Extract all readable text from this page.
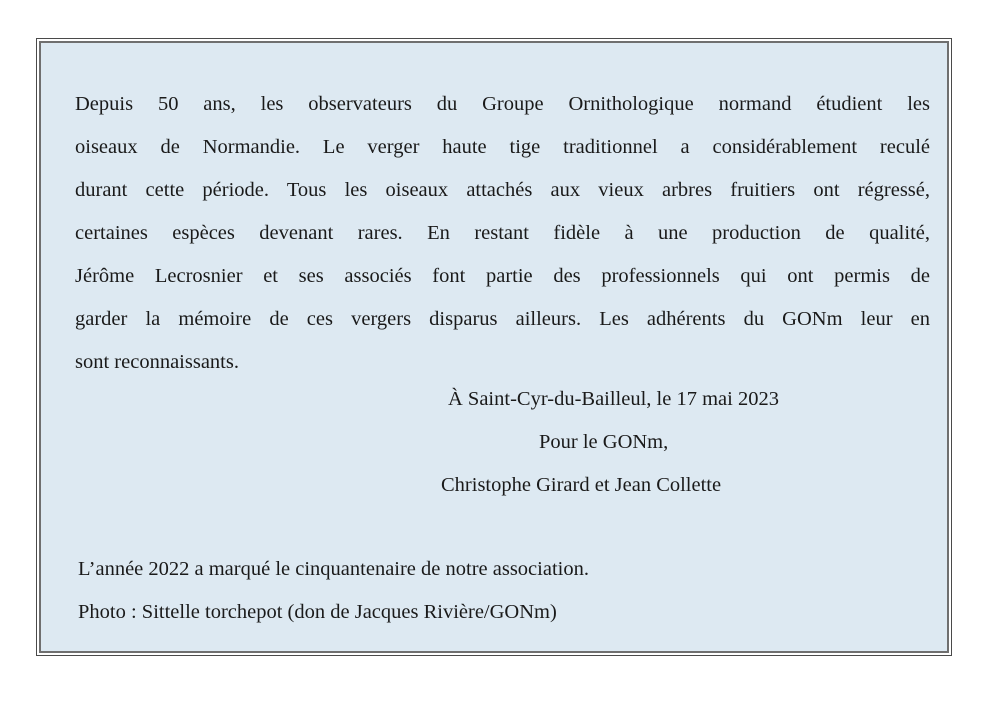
Depuis 50 ans, les observateurs du Groupe Ornithologique normand étudient les
oiseaux de Normandie. Le verger haute tige traditionnel a considérablement reculé
durant cette période. Tous les oiseaux attachés aux vieux arbres fruitiers ont régressé,
certaines espèces devenant rares. En restant fidèle à une production de qualité,
Jérôme Lecrosnier et ses associés font partie des professionnels qui ont permis de
garder la mémoire de ces vergers disparus ailleurs. Les adhérents du GONm leur en
sont reconnaissants.

À Saint-Cyr-du-Bailleul, le 17 mai 2023
Pour le GONm,
Christophe Girard et Jean Collette
L’année 2022 a marqué le cinquantenaire de notre association.
Photo : Sittelle torchepot (don de Jacques Rivière/GONm)
